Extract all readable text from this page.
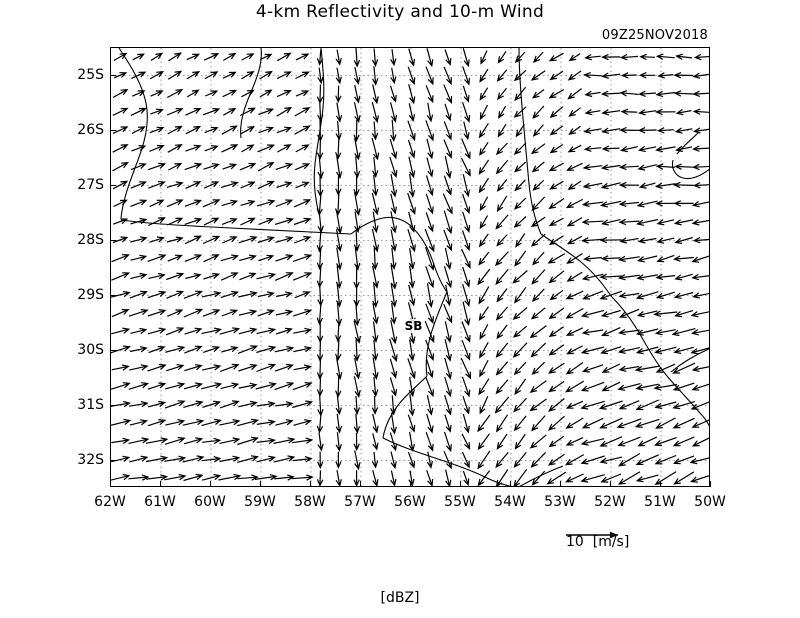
4-km Reflectivity and 10-m Wind
09Z25NOV2018
SB
62W 61W 60W 59W 58W 57W 56W 55W 54W 53W 52W 51W 50W
25S
26S
27S
28S
29S
30S
31S
32S
10 [m/s]
[dBZ]
